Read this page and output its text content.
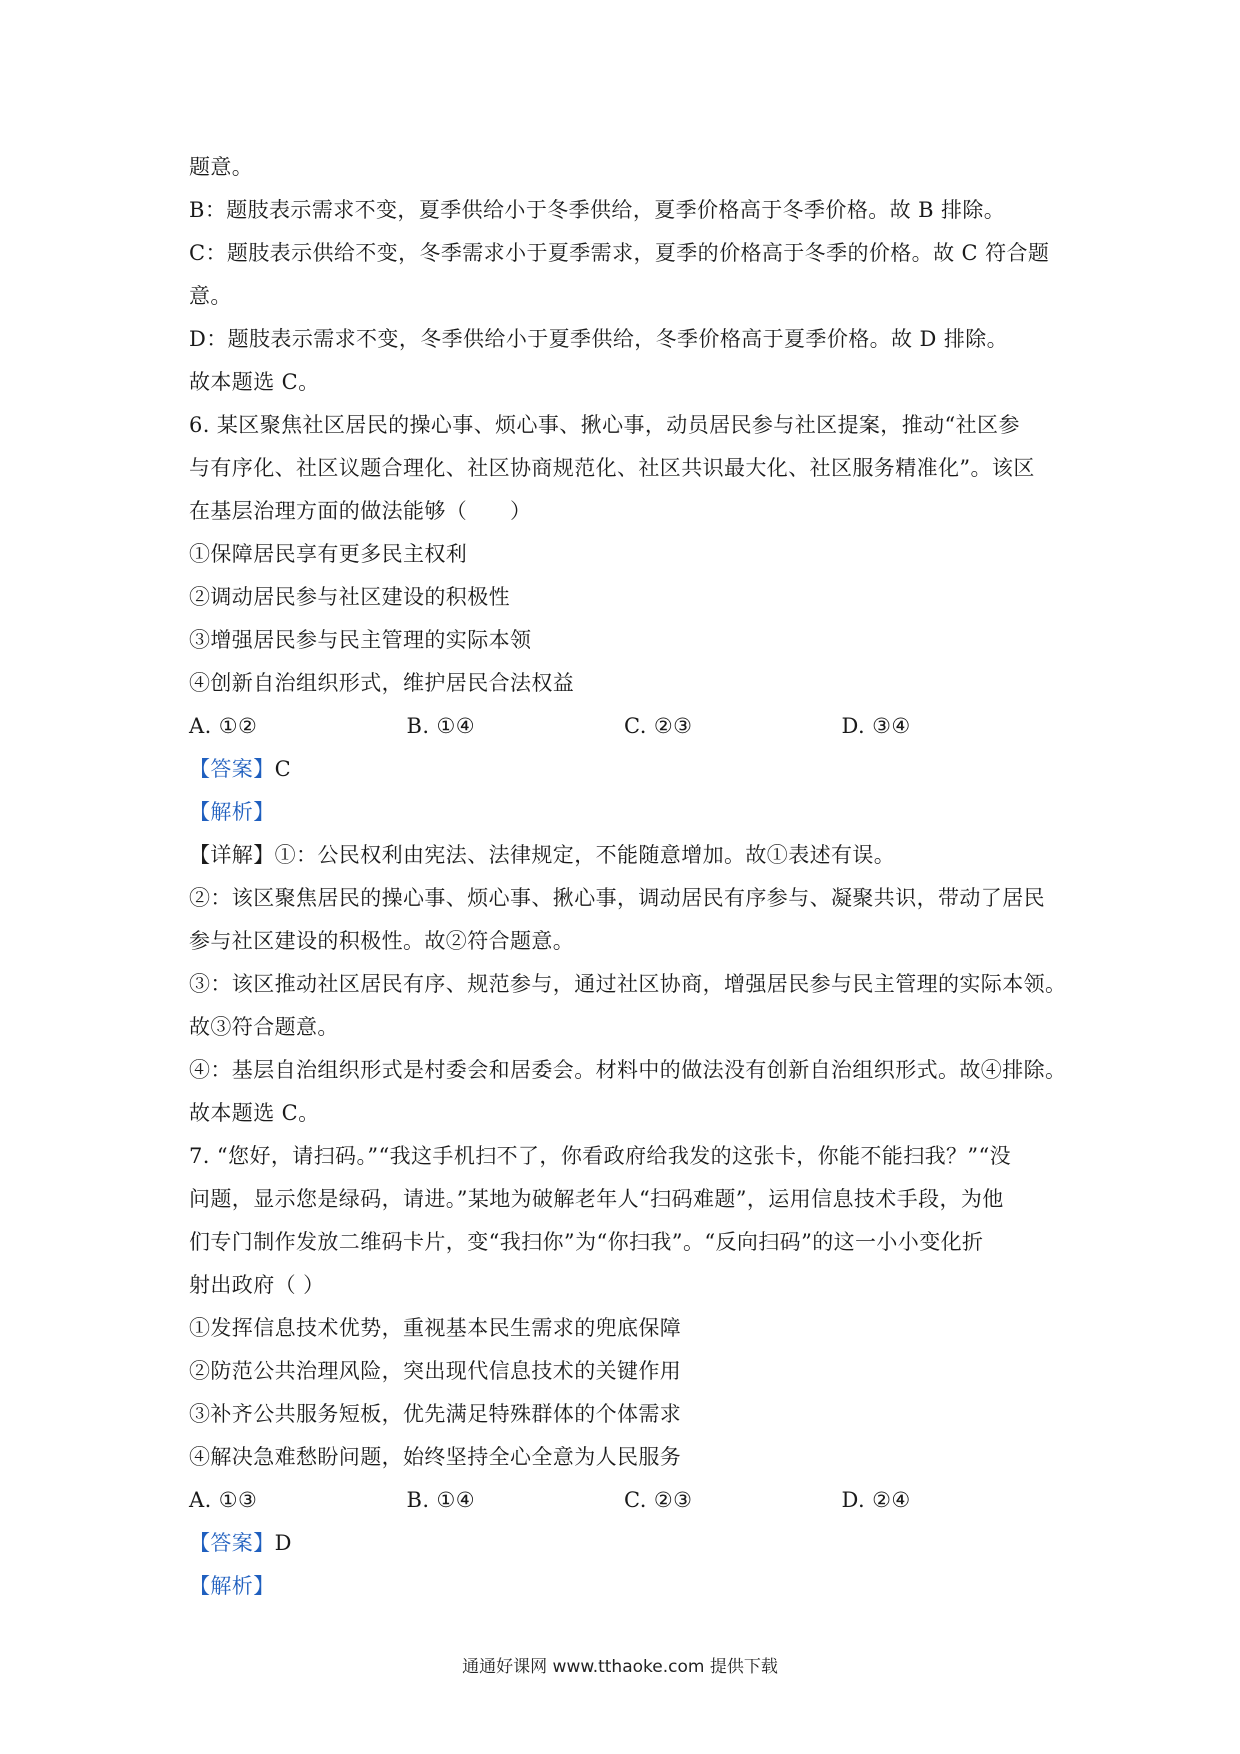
题意。
B：题肢表示需求不变，夏季供给小于冬季供给，夏季价格高于冬季价格。故 B 排除。
C：题肢表示供给不变，冬季需求小于夏季需求，夏季的价格高于冬季的价格。故 C 符合题
意。
D：题肢表示需求不变，冬季供给小于夏季供给，冬季价格高于夏季价格。故 D 排除。
故本题选 C。
6. 某区聚焦社区居民的操心事、烦心事、揪心事，动员居民参与社区提案，推动“社区参
与有序化、社区议题合理化、社区协商规范化、社区共识最大化、社区服务精准化”。该区
在基层治理方面的做法能够（　　）
①保障居民享有更多民主权利
②调动居民参与社区建设的积极性
③增强居民参与民主管理的实际本领
④创新自治组织形式，维护居民合法权益
A. ①②	B. ①④	C. ②③	D. ③④
【答案】C
【解析】
【详解】①：公民权利由宪法、法律规定，不能随意增加。故①表述有误。
②：该区聚焦居民的操心事、烦心事、揪心事，调动居民有序参与、凝聚共识，带动了居民
参与社区建设的积极性。故②符合题意。
③：该区推动社区居民有序、规范参与，通过社区协商，增强居民参与民主管理的实际本领。
故③符合题意。
④：基层自治组织形式是村委会和居委会。材料中的做法没有创新自治组织形式。故④排除。
故本题选 C。
7. “您好，请扫码。”“我这手机扫不了，你看政府给我发的这张卡，你能不能扫我？”“没
问题，显示您是绿码，请进。”某地为破解老年人“扫码难题”，运用信息技术手段，为他
们专门制作发放二维码卡片，变“我扫你”为“你扫我”。“反向扫码”的这一小小变化折
射出政府（ ）
①发挥信息技术优势，重视基本民生需求的兜底保障
②防范公共治理风险，突出现代信息技术的关键作用
③补齐公共服务短板，优先满足特殊群体的个体需求
④解决急难愁盼问题，始终坚持全心全意为人民服务
A. ①③	B. ①④	C. ②③	D. ②④
【答案】D
【解析】
通通好课网 www.tthaoke.com 提供下载
